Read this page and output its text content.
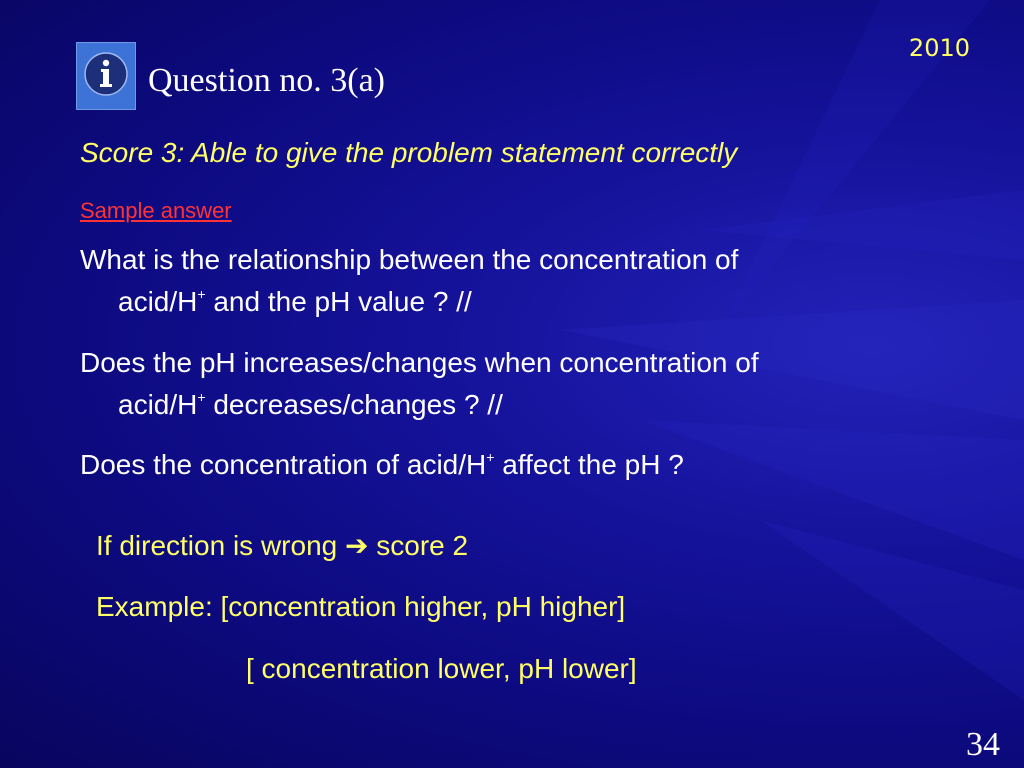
2010
Question no. 3(a)
Score 3: Able to give the problem statement correctly
Sample answer
What is the relationship between the concentration of
acid/H+ and the pH value ? //
Does the pH increases/changes when concentration of
acid/H+ decreases/changes ? //
Does the concentration of acid/H+ affect the pH ?
If direction is wrong ➔ score 2
Example: [concentration higher, pH higher]
[ concentration lower, pH lower]
34
